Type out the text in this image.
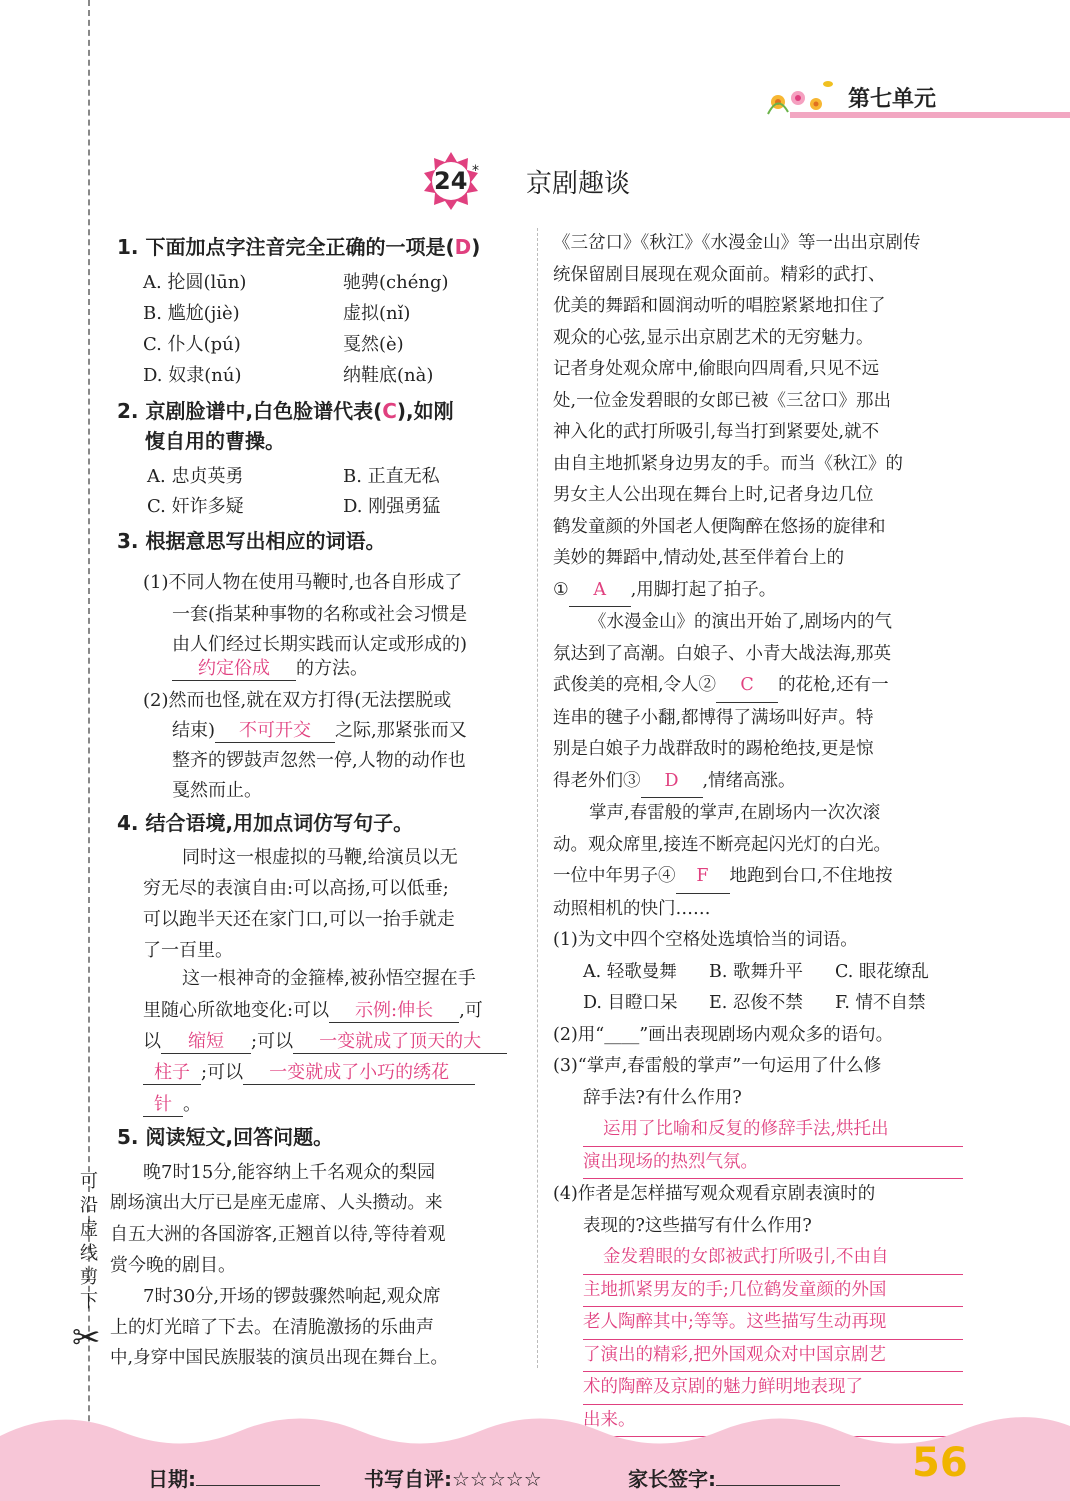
可
沿
虚
线
剪
下
✂
第七单元
24 * 京剧趣谈
1. 下面加点字注音完全正确的一项是(D)
A. 抡圆(lūn)	驰骋(chéng)
B. 尴尬(jiè)	虚拟(nǐ)
C. 仆人(pú)	戛然(è)
D. 奴隶(nú)	纳鞋底(nà)
2. 京剧脸谱中,白色脸谱代表(C),如刚
愎自用的曹操。
A. 忠贞英勇	B. 正直无私
C. 奸诈多疑	D. 刚强勇猛
3. 根据意思写出相应的词语。
(1)不同人物在使用马鞭时,也各自形成了
一套(指某种事物的名称或社会习惯是
由人们经过长期实践而认定或形成的)
约定俗成 的方法。
(2)然而也怪,就在双方打得(无法摆脱或
结束) 不可开交 之际,那紧张而又
整齐的锣鼓声忽然一停,人物的动作也
戛然而止。
4. 结合语境,用加点词仿写句子。
同时这一根虚拟的马鞭,给演员以无
穷无尽的表演自由:可以高扬,可以低垂;
可以跑半天还在家门口,可以一抬手就走
了一百里。
这一根神奇的金箍棒,被孙悟空握在手
里随心所欲地变化:可以 示例:伸长 ,可
以 缩短 ;可以 一变就成了顶天的大
柱子 ;可以 一变就成了小巧的绣花
针 。
5. 阅读短文,回答问题。
晚7时15分,能容纳上千名观众的梨园
剧场演出大厅已是座无虚席、人头攒动。来
自五大洲的各国游客,正翘首以待,等待着观
赏今晚的剧目。
7时30分,开场的锣鼓骤然响起,观众席
上的灯光暗了下去。在清脆激扬的乐曲声
中,身穿中国民族服装的演员出现在舞台上。
《三岔口》《秋江》《水漫金山》等一出出京剧传
统保留剧目展现在观众面前。精彩的武打、
优美的舞蹈和圆润动听的唱腔紧紧地扣住了
观众的心弦,显示出京剧艺术的无穷魅力。
记者身处观众席中,偷眼向四周看,只见不远
处,一位金发碧眼的女郎已被《三岔口》那出
神入化的武打所吸引,每当打到紧要处,就不
由自主地抓紧身边男友的手。而当《秋江》的
男女主人公出现在舞台上时,记者身边几位
鹤发童颜的外国老人便陶醉在悠扬的旋律和
美妙的舞蹈中,情动处,甚至伴着台上的
① A ,用脚打起了拍子。
《水漫金山》的演出开始了,剧场内的气
氛达到了高潮。白娘子、小青大战法海,那英
武俊美的亮相,令人② C 的花枪,还有一
连串的毽子小翻,都博得了满场叫好声。特
别是白娘子力战群敌时的踢枪绝技,更是惊
得老外们③ D ,情绪高涨。
掌声,春雷般的掌声,在剧场内一次次滚
动。观众席里,接连不断亮起闪光灯的白光。
一位中年男子④ F 地跑到台口,不住地按
动照相机的快门……
(1)为文中四个空格处选填恰当的词语。
A. 轻歌曼舞 B. 歌舞升平 C. 眼花缭乱
D. 目瞪口呆 E. 忍俊不禁 F. 情不自禁
(2)用“____”画出表现剧场内观众多的语句。
(3)“掌声,春雷般的掌声”一句运用了什么修
辞手法?有什么作用?
运用了比喻和反复的修辞手法,烘托出
演出现场的热烈气氛。
(4)作者是怎样描写观众观看京剧表演时的
表现的?这些描写有什么作用?
金发碧眼的女郎被武打所吸引,不由自
主地抓紧男友的手;几位鹤发童颜的外国
老人陶醉其中;等等。这些描写生动再现
了演出的精彩,把外国观众对中国京剧艺
术的陶醉及京剧的魅力鲜明地表现了
出来。
日期:	书写自评:☆☆☆☆☆	家长签字:	56
